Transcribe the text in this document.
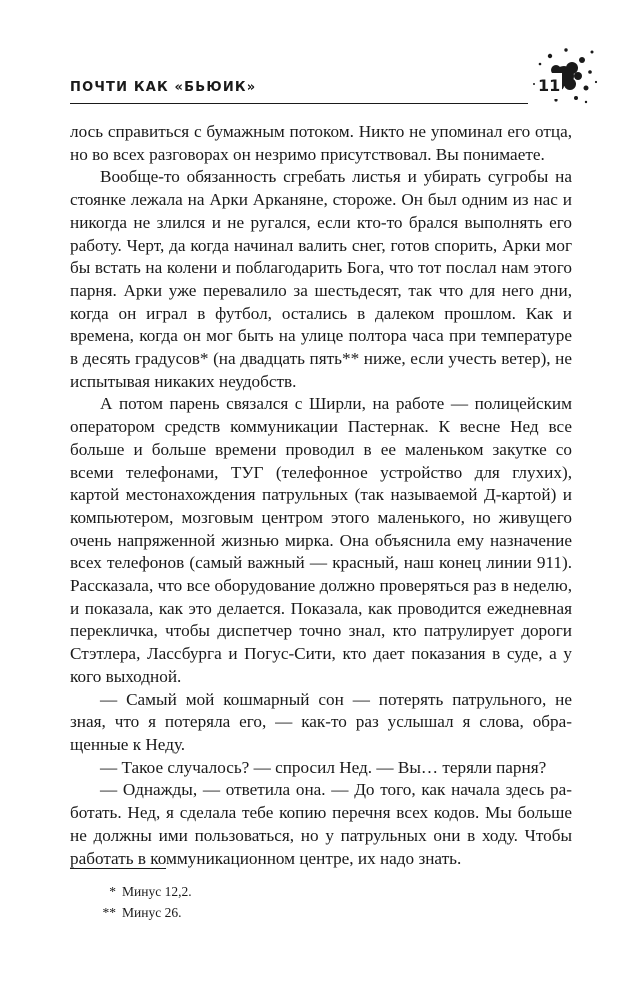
ПОЧТИ КАК «БЬЮИК»	11

лось справиться с бумажным потоком. Никто не упоминал его отца, но во всех разговорах он незримо присутствовал. Вы понимаете.

Вообще-то обязанность сгребать листья и убирать сугробы на стоянке лежала на Арки Арканяне, стороже. Он был одним из нас и никогда не злился и не ругался, если кто-то брался выполнять его работу. Черт, да когда начинал валить снег, готов спорить, Арки мог бы встать на колени и поблагодарить Бога, что тот послал нам этого парня. Арки уже перевалило за шестьдесят, так что для него дни, когда он играл в футбол, остались в далеком прошлом. Как и времена, когда он мог быть на улице полтора часа при температуре в десять градусов* (на двадцать пять** ниже, если учесть ветер), не испытывая никаких неудобств.

А потом парень связался с Ширли, на работе — полицейским оператором средств коммуникации Пастернак. К весне Нед все больше и больше времени проводил в ее маленьком закутке со всеми телефонами, ТУГ (телефонное устройство для глухих), картой местонахождения патрульных (так называемой Д-картой) и компьютером, мозговым центром этого маленького, но живущего очень напряженной жизнью мирка. Она объяснила ему назначение всех телефонов (самый важный — красный, наш конец линии 911). Рассказала, что все оборудование должно проверяться раз в неделю, и показала, как это делается. Показала, как проводится ежедневная перекличка, чтобы диспетчер точно знал, кто патрулирует дороги Стэтлера, Лассбурга и Погус-Сити, кто дает показания в суде, а у кого выходной.

— Самый мой кошмарный сон — потерять патрульного, не зная, что я потеряла его, — как-то раз услышал я слова, обращенные к Неду.

— Такое случалось? — спросил Нед. — Вы… теряли парня?

— Однажды, — ответила она. — До того, как начала здесь работать. Нед, я сделала тебе копию перечня всех кодов. Мы больше не должны ими пользоваться, но у патрульных они в ходу. Чтобы работать в коммуникационном центре, их надо знать.

* Минус 12,2.
** Минус 26.
